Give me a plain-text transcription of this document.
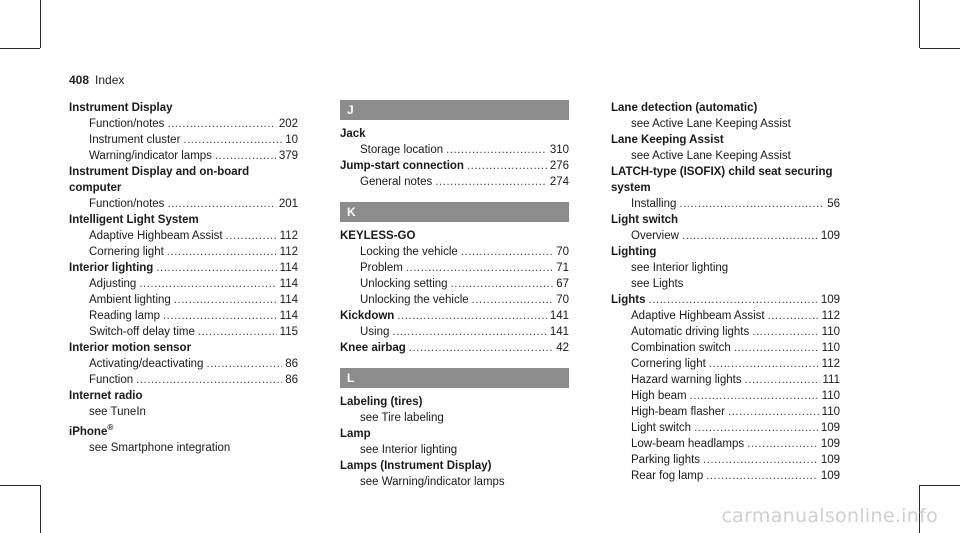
408 Index
Instrument Display
Function/notes .....	202
Instrument cluster .....	10
Warning/indicator lamps .....	379
Instrument Display and on-board computer
Function/notes .....	201
Intelligent Light System
Adaptive Highbeam Assist .....	112
Cornering light .....	112
Interior lighting .....	114
Adjusting .....	114
Ambient lighting .....	114
Reading lamp .....	114
Switch-off delay time .....	115
Interior motion sensor
Activating/deactivating .....	86
Function .....	86
Internet radio
see TuneIn
iPhone®
see Smartphone integration
J
Jack
Storage location .....	310
Jump-start connection .....	276
General notes .....	274
K
KEYLESS-GO
Locking the vehicle .....	70
Problem .....	71
Unlocking setting .....	67
Unlocking the vehicle .....	70
Kickdown .....	141
Using .....	141
Knee airbag .....	42
L
Labeling (tires)
see Tire labeling
Lamp
see Interior lighting
Lamps (Instrument Display)
see Warning/indicator lamps
Lane detection (automatic)
see Active Lane Keeping Assist
Lane Keeping Assist
see Active Lane Keeping Assist
LATCH-type (ISOFIX) child seat securing system
Installing .....	56
Light switch
Overview .....	109
Lighting
see Interior lighting
see Lights
Lights .....	109
Adaptive Highbeam Assist .....	112
Automatic driving lights .....	110
Combination switch .....	110
Cornering light .....	112
Hazard warning lights .....	111
High beam .....	110
High-beam flasher .....	110
Light switch .....	109
Low-beam headlamps .....	109
Parking lights .....	109
Rear fog lamp .....	109
carmanualsonline.info
